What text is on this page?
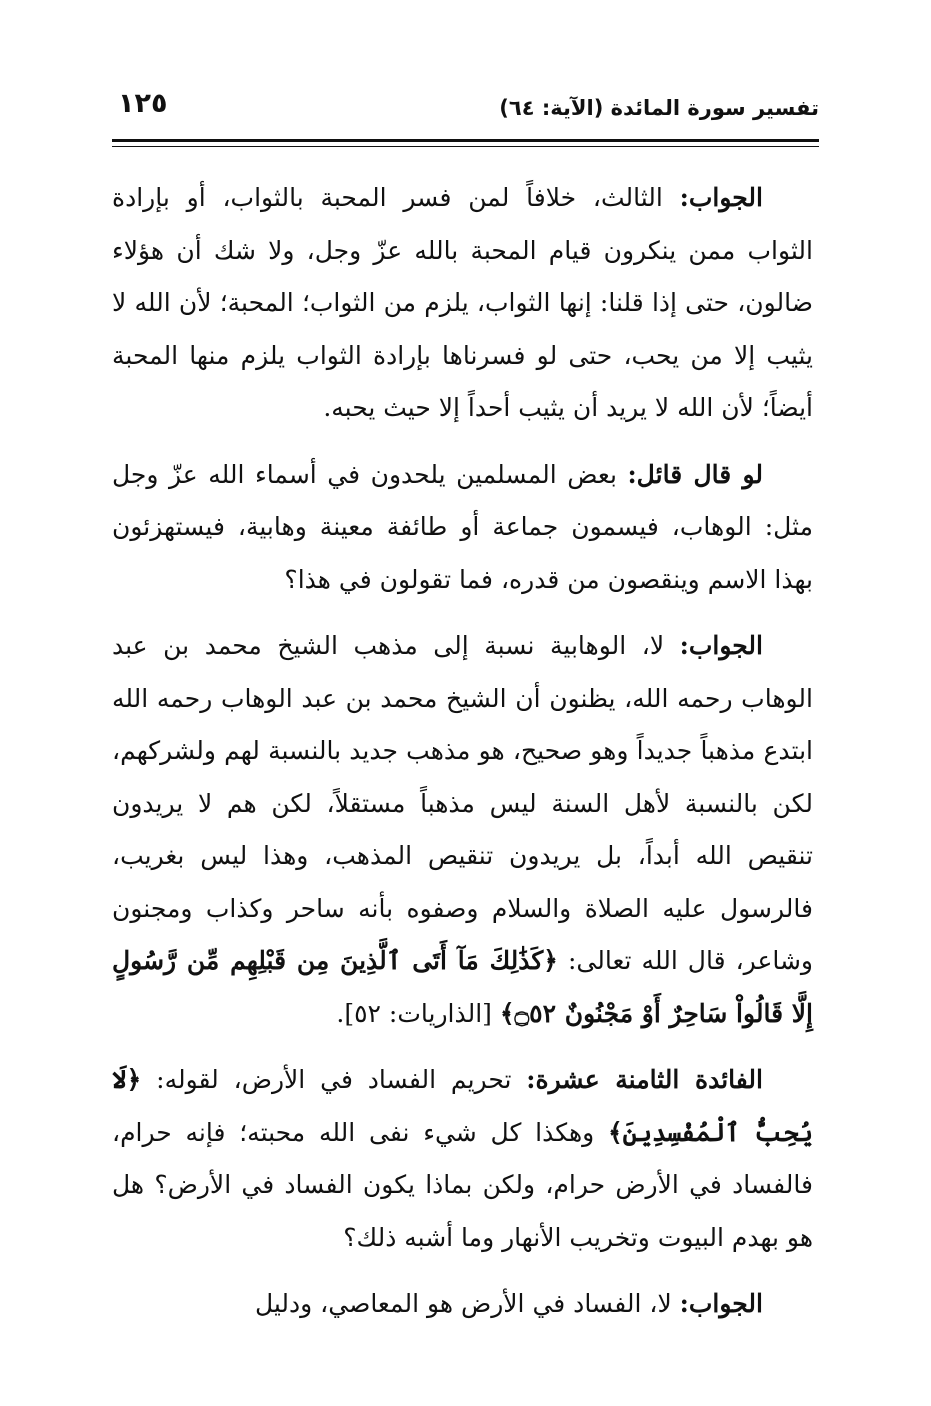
تفسير سورة المائدة (الآية: ٦٤)
١٢٥

الجواب: الثالث، خلافاً لمن فسر المحبة بالثواب، أو بإرادة الثواب ممن ينكرون قيام المحبة بالله عزّ وجل، ولا شك أن هؤلاء ضالون، حتى إذا قلنا: إنها الثواب، يلزم من الثواب؛ المحبة؛ لأن الله لا يثيب إلا من يحب، حتى لو فسرناها بإرادة الثواب يلزم منها المحبة أيضاً؛ لأن الله لا يريد أن يثيب أحداً إلا حيث يحبه.

لو قال قائل: بعض المسلمين يلحدون في أسماء الله عزّ وجل مثل: الوهاب، فيسمون جماعة أو طائفة معينة وهابية، فيستهزئون بهذا الاسم وينقصون من قدره، فما تقولون في هذا؟

الجواب: لا، الوهابية نسبة إلى مذهب الشيخ محمد بن عبد الوهاب رحمه الله، يظنون أن الشيخ محمد بن عبد الوهاب رحمه الله ابتدع مذهباً جديداً وهو صحيح، هو مذهب جديد بالنسبة لهم ولشركهم، لكن بالنسبة لأهل السنة ليس مذهباً مستقلاً، لكن هم لا يريدون تنقيص الله أبداً، بل يريدون تنقيص المذهب، وهذا ليس بغريب، فالرسول عليه الصلاة والسلام وصفوه بأنه ساحر وكذاب ومجنون وشاعر، قال الله تعالى: ﴿كَذَٰلِكَ مَآ أَتَى ٱلَّذِينَ مِن قَبْلِهِم مِّن رَّسُولٍ إِلَّا قَالُواْ سَاحِرٌ أَوْ مَجْنُونٌ ۝٥٢﴾ [الذاريات: ٥٢].

الفائدة الثامنة عشرة: تحريم الفساد في الأرض، لقوله: ﴿لَا يُحِبُّ ٱلْمُفْسِدِينَ﴾ وهكذا كل شيء نفى الله محبته؛ فإنه حرام، فالفساد في الأرض حرام، ولكن بماذا يكون الفساد في الأرض؟ هل هو بهدم البيوت وتخريب الأنهار وما أشبه ذلك؟

الجواب: لا، الفساد في الأرض هو المعاصي، ودليل
